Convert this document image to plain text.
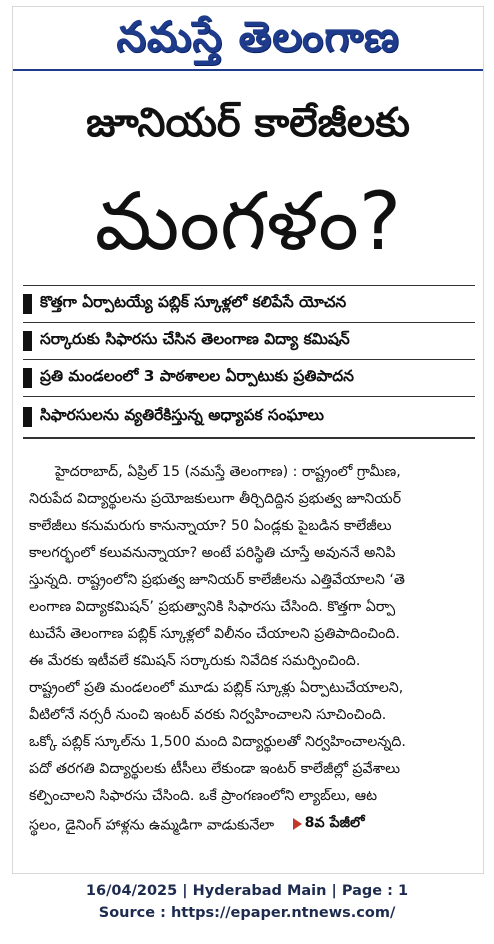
నమస్తే తెలంగాణ
జూనియర్ కాలేజీలకు
మంగళం?
కొత్తగా ఏర్పాటయ్యే పబ్లిక్ స్కూళ్లలో కలిపేసే యోచన
సర్కారుకు సిఫారసు చేసిన తెలంగాణ విద్యా కమిషన్
ప్రతి మండలంలో 3 పాఠశాలల ఏర్పాటుకు ప్రతిపాదన
సిఫారసులను వ్యతిరేకిస్తున్న అధ్యాపక సంఘాలు
హైదరాబాద్, ఏప్రిల్ 15 (నమస్తే తెలంగాణ) : రాష్ట్రంలో గ్రామీణ,
నిరుపేద విద్యార్థులను ప్రయోజకులుగా తీర్చిదిద్దిన ప్రభుత్వ జూనియర్
కాలేజీలు కనుమరుగు కానున్నాయా? 50 ఏండ్లకు పైబడిన కాలేజీలు
కాలగర్భంలో కలువనున్నాయా? అంటే పరిస్థితి చూస్తే అవుననే అనిపి
స్తున్నది. రాష్ట్రంలోని ప్రభుత్వ జూనియర్ కాలేజీలను ఎత్తివేయాలని ‘తె
లంగాణ విద్యాకమిషన్’ ప్రభుత్వానికి సిఫారసు చేసింది. కొత్తగా ఏర్పా
టుచేసే తెలంగాణ పబ్లిక్ స్కూళ్లలో విలీనం చేయాలని ప్రతిపాదించింది.
ఈ మేరకు ఇటీవలే కమిషన్ సర్కారుకు నివేదిక సమర్పించింది.
రాష్ట్రంలో ప్రతి మండలంలో మూడు పబ్లిక్ స్కూళ్లు ఏర్పాటుచేయాలని,
వీటిలోనే నర్సరీ నుంచి ఇంటర్ వరకు నిర్వహించాలని సూచించింది.
ఒక్కో పబ్లిక్ స్కూల్‌ను 1,500 మంది విద్యార్థులతో నిర్వహించాలన్నది.
పదో తరగతి విద్యార్థులకు టీసీలు లేకుండా ఇంటర్ కాలేజీల్లో ప్రవేశాలు
కల్పించాలని సిఫారసు చేసింది. ఒకే ప్రాంగణంలోని ల్యాబ్‌లు, ఆట
స్థలం, డైనింగ్ హాళ్లను ఉమ్మడిగా వాడుకునేలా 8వ పేజీలో
16/04/2025 | Hyderabad Main | Page : 1
Source : https://epaper.ntnews.com/
